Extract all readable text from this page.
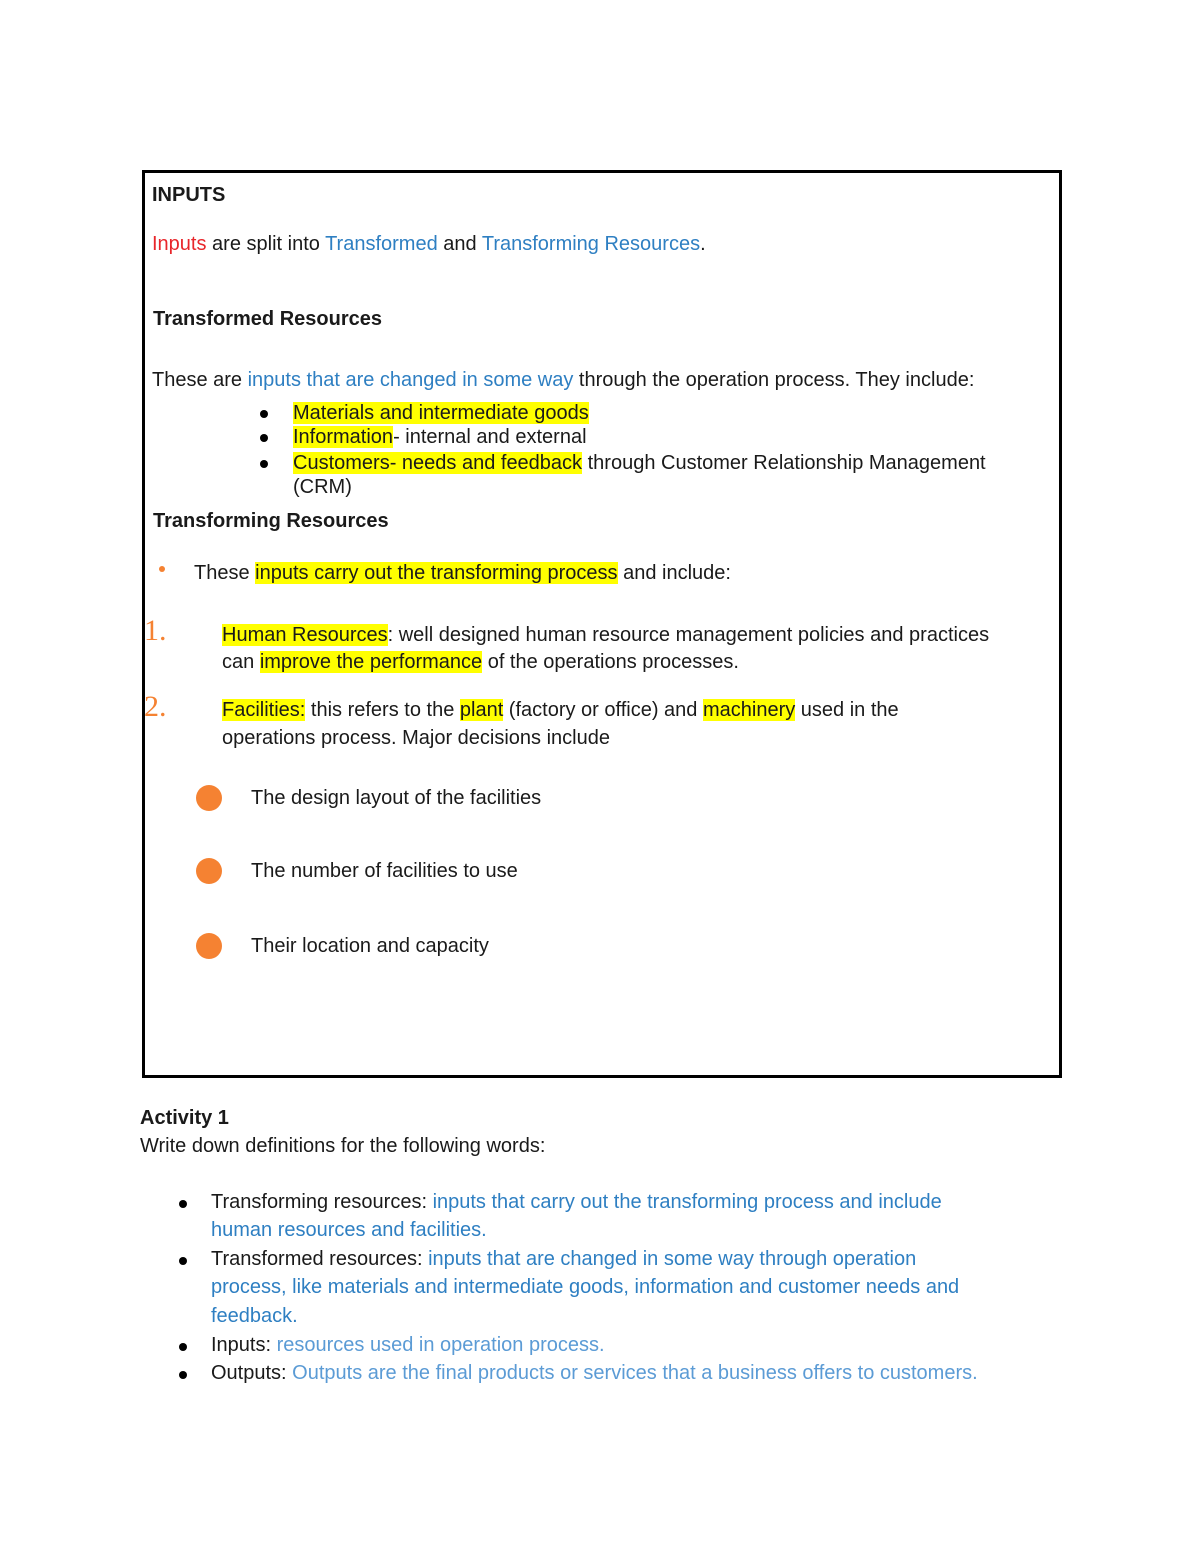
INPUTS
Inputs are split into Transformed and Transforming Resources.
Transformed Resources
These are inputs that are changed in some way through the operation process. They include:
Materials and intermediate goods
Information- internal and external
Customers- needs and feedback through Customer Relationship Management
(CRM)
Transforming Resources
These inputs carry out the transforming process and include:
1.	Human Resources: well designed human resource management policies and practices
can improve the performance of the operations processes.
2.	Facilities: this refers to the plant (factory or office) and machinery used in the
operations process. Major decisions include
The design layout of the facilities
The number of facilities to use
Their location and capacity
Activity 1
Write down definitions for the following words:
Transforming resources: inputs that carry out the transforming process and include
human resources and facilities.
Transformed resources: inputs that are changed in some way through operation
process, like materials and intermediate goods, information and customer needs and
feedback.
Inputs: resources used in operation process.
Outputs: Outputs are the final products or services that a business offers to customers.
